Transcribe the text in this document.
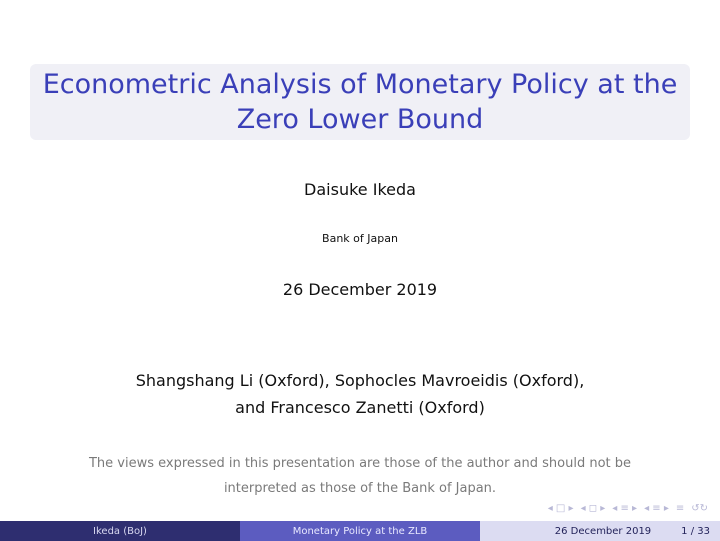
Econometric Analysis of Monetary Policy at the
Zero Lower Bound
Daisuke Ikeda
Bank of Japan
26 December 2019
Shangshang Li (Oxford), Sophocles Mavroeidis (Oxford),
and Francesco Zanetti (Oxford)
The views expressed in this presentation are those of the author and should not be
interpreted as those of the Bank of Japan.
◂ □ ▸ ◂ ◻ ▸ ◂ ≡ ▸ ◂ ≡ ▸ ≡ ↺↻
Ikeda (BoJ)	Monetary Policy at the ZLB	26 December 2019	1 / 33
